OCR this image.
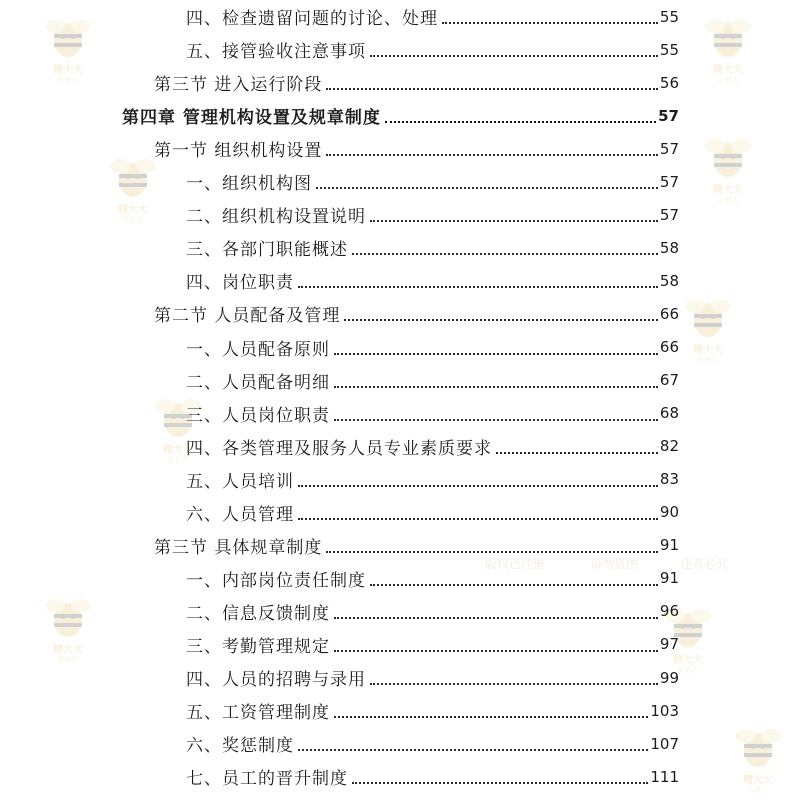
精大大
素材店
精大大
素材店
精大大
素材店
精大大
素材店
精大大
素材店
精大大
素材店
精大大
素材店	精大大
素材店
精大大
素材店
版权已注册	请勿盗图	违者必究
四、检查遗留问题的讨论、处理	55
五、接管验收注意事项	55
第三节 进入运行阶段	56
第四章 管理机构设置及规章制度	57
第一节 组织机构设置	57
一、组织机构图	57
二、组织机构设置说明	57
三、各部门职能概述	58
四、岗位职责	58
第二节 人员配备及管理	66
一、人员配备原则	66
二、人员配备明细	67
三、人员岗位职责	68
四、各类管理及服务人员专业素质要求	82
五、人员培训	83
六、人员管理	90
第三节 具体规章制度	91
一、内部岗位责任制度	91
二、信息反馈制度	96
三、考勤管理规定	97
四、人员的招聘与录用	99
五、工资管理制度	103
六、奖惩制度	107
七、员工的晋升制度	111
